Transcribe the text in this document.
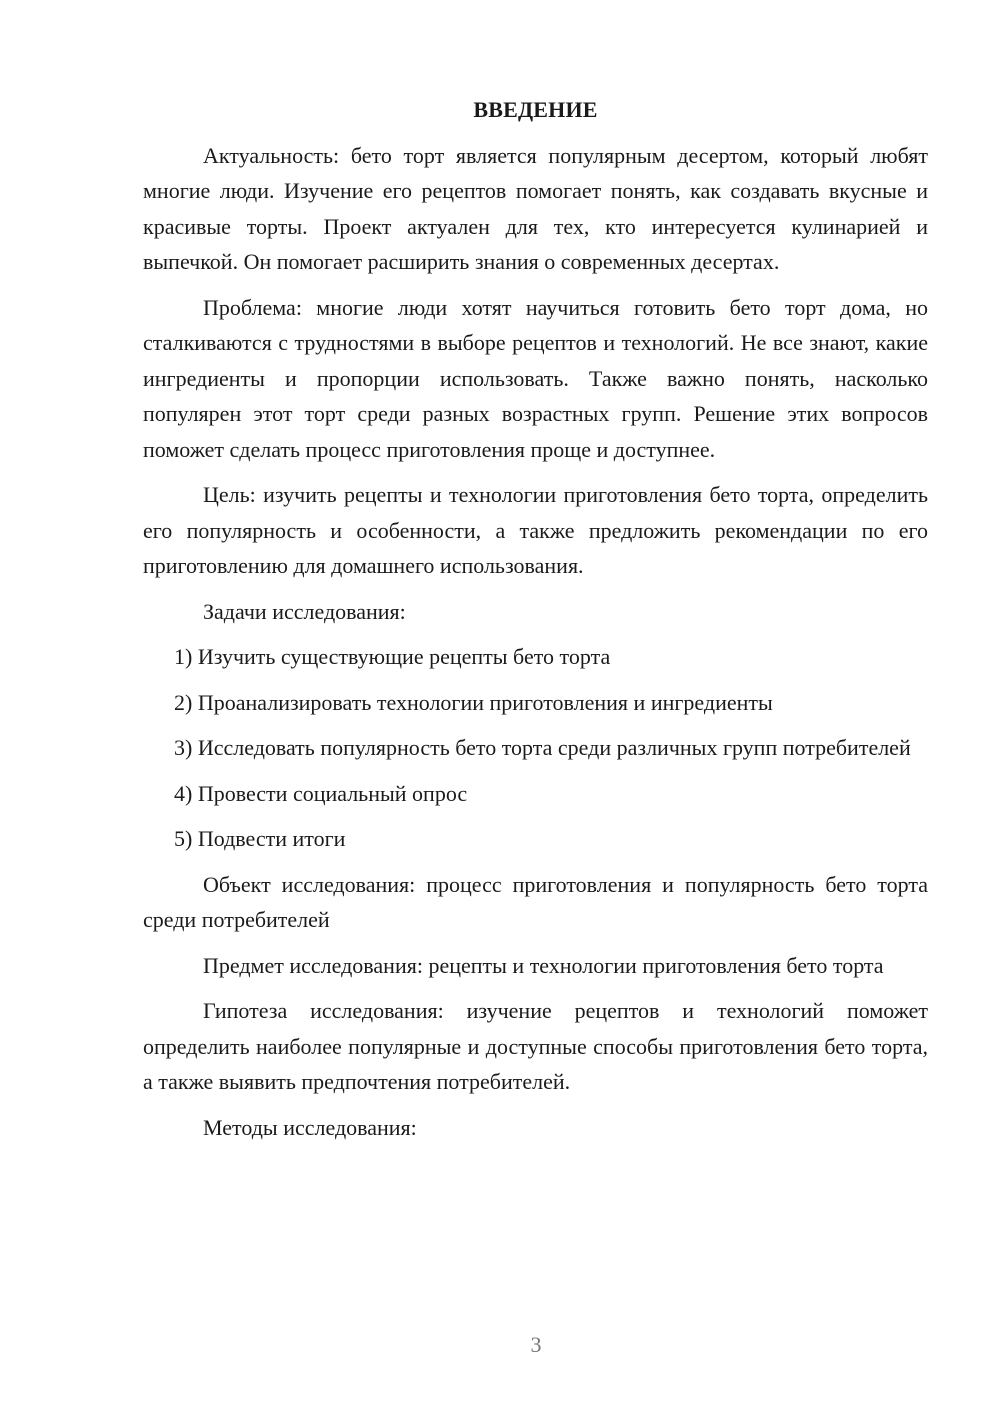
ВВЕДЕНИЕ

Актуальность: бето торт является популярным десертом, который любят многие люди. Изучение его рецептов помогает понять, как создавать вкусные и красивые торты. Проект актуален для тех, кто интересуется кулинарией и выпечкой. Он помогает расширить знания о современных десертах.

Проблема: многие люди хотят научиться готовить бето торт дома, но сталкиваются с трудностями в выборе рецептов и технологий. Не все знают, какие ингредиенты и пропорции использовать. Также важно понять, насколько популярен этот торт среди разных возрастных групп. Решение этих вопросов поможет сделать процесс приготовления проще и доступнее.

Цель: изучить рецепты и технологии приготовления бето торта, определить его популярность и особенности, а также предложить рекомендации по его приготовлению для домашнего использования.

Задачи исследования:

1) Изучить существующие рецепты бето торта

2) Проанализировать технологии приготовления и ингредиенты

3) Исследовать популярность бето торта среди различных групп потребителей

4) Провести социальный опрос

5) Подвести итоги

Объект исследования: процесс приготовления и популярность бето торта среди потребителей

Предмет исследования: рецепты и технологии приготовления бето торта

Гипотеза исследования: изучение рецептов и технологий поможет определить наиболее популярные и доступные способы приготовления бето торта, а также выявить предпочтения потребителей.

Методы исследования:

3
